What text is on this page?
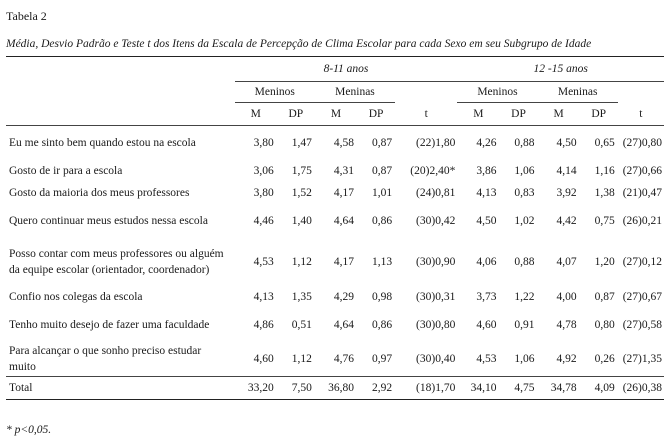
Tabela 2
Média, Desvio Padrão e Teste t dos Itens da Escala de Percepção de Clima Escolar para cada Sexo em seu Subgrupo de Idade
	8-11 anos					12 -15 anos				
	Meninos		Meninas			Meninos		Meninas		
	M	DP	M	DP	t	M	DP	M	DP	t
Eu me sinto bem quando estou na escola	3,80	1,47	4,58	0,87	(22)1,80	4,26	0,88	4,50	0,65	(27)0,80
Gosto de ir para a escola	3,06	1,75	4,31	0,87	(20)2,40*	3,86	1,06	4,14	1,16	(27)0,66
Gosto da maioria dos meus professores	3,80	1,52	4,17	1,01	(24)0,81	4,13	0,83	3,92	1,38	(21)0,47
Quero continuar meus estudos nessa escola	4,46	1,40	4,64	0,86	(30)0,42	4,50	1,02	4,42	0,75	(26)0,21
Posso contar com meus professores ou alguém da equipe escolar (orientador, coordenador)	4,53	1,12	4,17	1,13	(30)0,90	4,06	0,88	4,07	1,20	(27)0,12
Confio nos colegas da escola	4,13	1,35	4,29	0,98	(30)0,31	3,73	1,22	4,00	0,87	(27)0,67
Tenho muito desejo de fazer uma faculdade	4,86	0,51	4,64	0,86	(30)0,80	4,60	0,91	4,78	0,80	(27)0,58
Para alcançar o que sonho preciso estudar muito	4,60	1,12	4,76	0,97	(30)0,40	4,53	1,06	4,92	0,26	(27)1,35
Total	33,20	7,50	36,80	2,92	(18)1,70	34,10	4,75	34,78	4,09	(26)0,38
* p<0,05.
